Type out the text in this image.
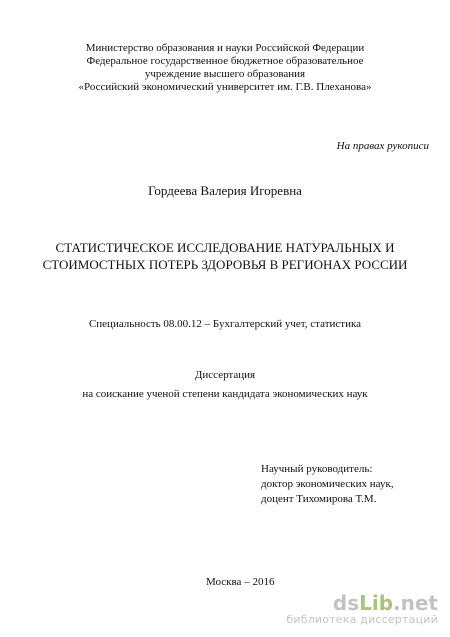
Министерство образования и науки Российской Федерации

Федеральное государственное бюджетное образовательное

учреждение высшего образования

«Российский экономический университет им. Г.В. Плеханова»

На правах рукописи

Гордеева Валерия Игоревна

СТАТИСТИЧЕСКОЕ ИССЛЕДОВАНИЕ НАТУРАЛЬНЫХ И

СТОИМОСТНЫХ ПОТЕРЬ ЗДОРОВЬЯ В РЕГИОНАХ РОССИИ

Специальность 08.00.12 – Бухгалтерский учет, статистика

Диссертация

на соискание ученой степени кандидата экономических наук

Научный руководитель:
доктор экономических наук,
доцент Тихомирова Т.М.
Москва – 2016
ds Lib .net
библиотека диссертаций
